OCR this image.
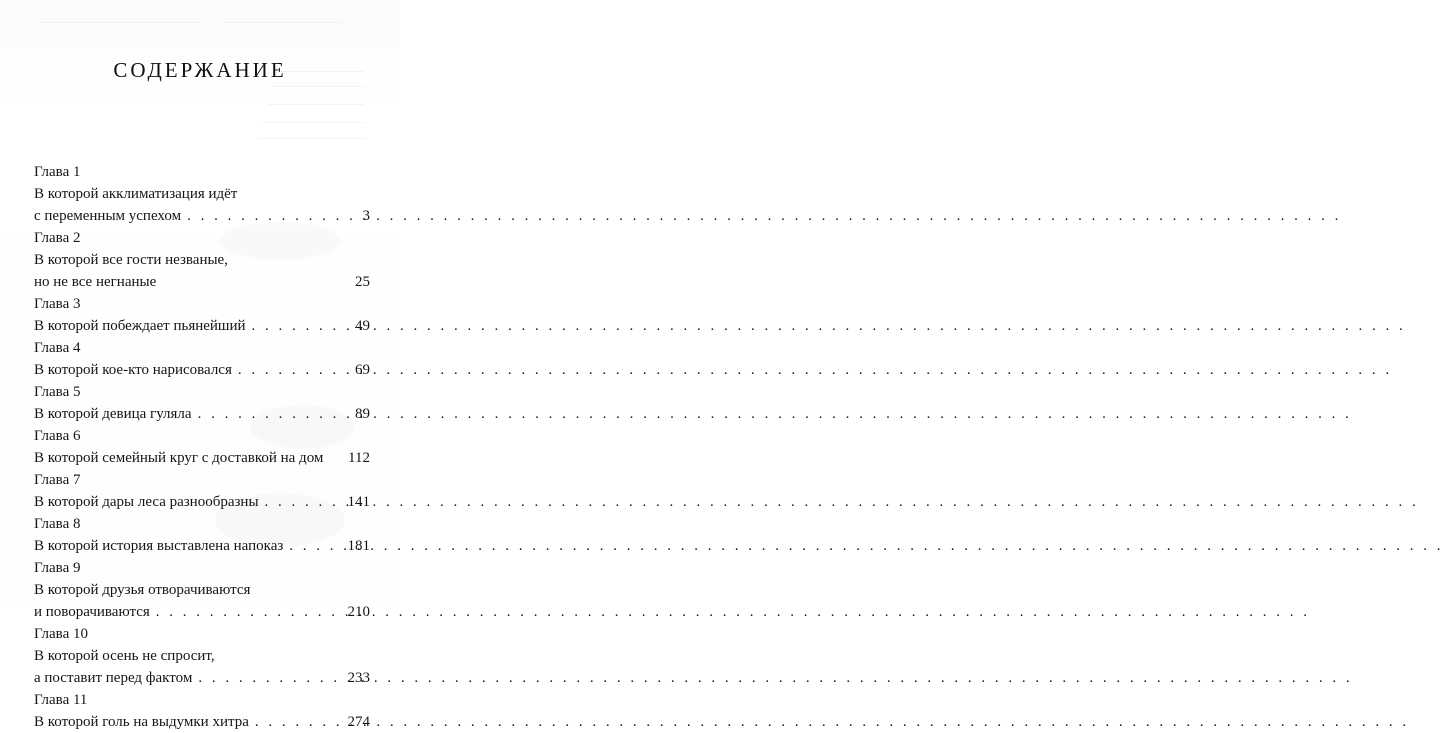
СОДЕРЖАНИЕ
Глава 1
В которой акклиматизация идёт
с переменным успехом . . .	3
Глава 2
В которой все гости незваные,
но не все негнаные	25
Глава 3
В которой побеждает пьянейший . . .	49
Глава 4
В которой кое-кто нарисовался . . .	69
Глава 5
В которой девица гуляла . . .	89
Глава 6
В которой семейный круг с доставкой на дом	112
Глава 7
В которой дары леса разнообразны . . .	141
Глава 8
В которой история выставлена напоказ . . .	181
Глава 9
В которой друзья отворачиваются
и поворачиваются . . .	210
Глава 10
В которой осень не спросит,
а поставит перед фактом . . .	233
Глава 11
В которой голь на выдумки хитра . . .	274
